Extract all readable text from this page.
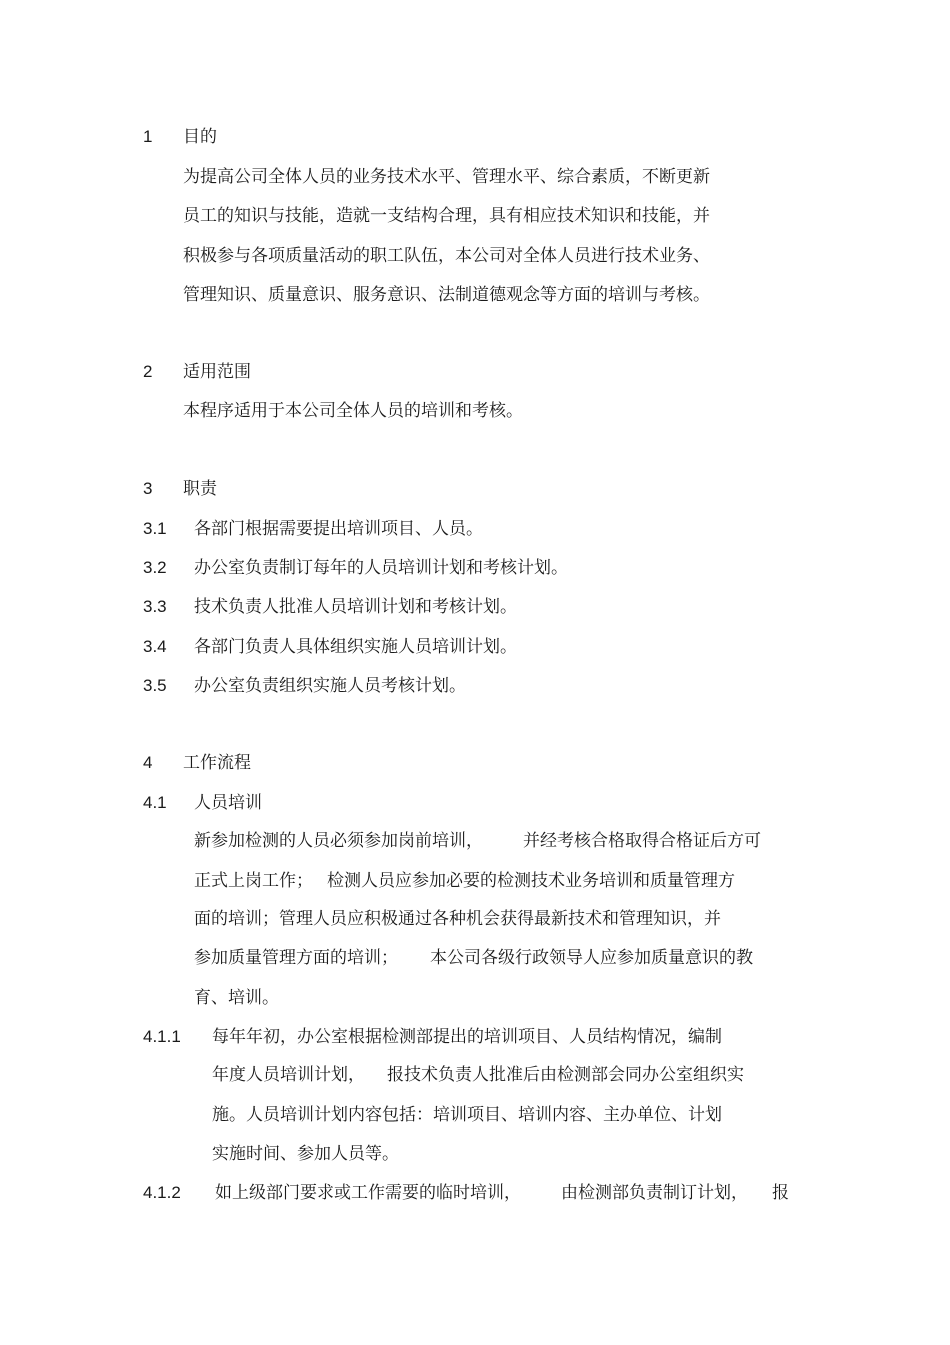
1 目的
为提高公司全体人员的业务技术水平、管理水平、综合素质，不断更新
员工的知识与技能，造就一支结构合理，具有相应技术知识和技能，并
积极参与各项质量活动的职工队伍，本公司对全体人员进行技术业务、
管理知识、质量意识、服务意识、法制道德观念等方面的培训与考核。
2 适用范围
本程序适用于本公司全体人员的培训和考核。
3 职责
3.1 各部门根据需要提出培训项目、人员。
3.2 办公室负责制订每年的人员培训计划和考核计划。
3.3 技术负责人批准人员培训计划和考核计划。
3.4 各部门负责人具体组织实施人员培训计划。
3.5 办公室负责组织实施人员考核计划。
4 工作流程
4.1 人员培训
新参加检测的人员必须参加岗前培训， 并经考核合格取得合格证后方可
正式上岗工作； 检测人员应参加必要的检测技术业务培训和质量管理方
面的培训；管理人员应积极通过各种机会获得最新技术和管理知识，并
参加质量管理方面的培训； 本公司各级行政领导人应参加质量意识的教
育、培训。
4.1.1 每年年初，办公室根据检测部提出的培训项目、人员结构情况，编制
年度人员培训计划， 报技术负责人批准后由检测部会同办公室组织实
施。人员培训计划内容包括：培训项目、培训内容、主办单位、计划
实施时间、参加人员等。
4.1.2 如上级部门要求或工作需要的临时培训， 由检测部负责制订计划， 报
